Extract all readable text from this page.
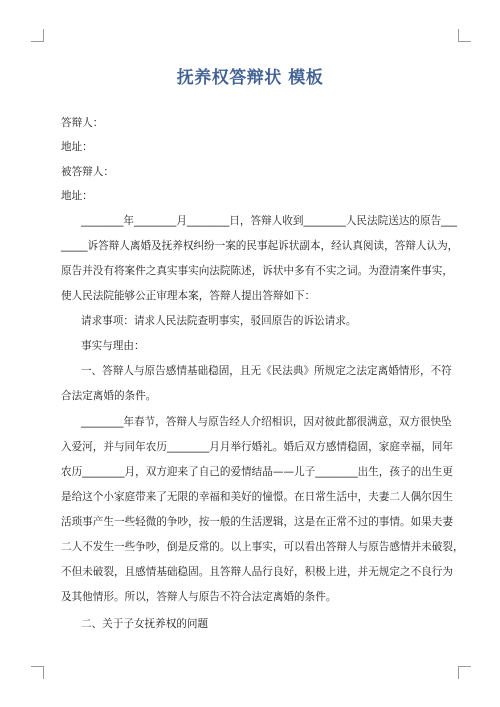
抚养权答辩状 模板
答辩人：
地址：
被答辩人：
地址：
________年________月________日，答辩人收到________人民法院送达的原告___
_____诉答辩人离婚及抚养权纠纷一案的民事起诉状副本，经认真阅读，答辩人认为，
原告并没有将案件之真实事实向法院陈述，诉状中多有不实之词。为澄清案件事实，
使人民法院能够公正审理本案，答辩人提出答辩如下：
请求事项：请求人民法院查明事实，驳回原告的诉讼请求。
事实与理由：
一、答辩人与原告感情基础稳固，且无《民法典》所规定之法定离婚情形，不符
合法定离婚的条件。
________年春节，答辩人与原告经人介绍相识，因对彼此都很满意，双方很快坠
入爱河，并与同年农历________月月举行婚礼。婚后双方感情稳固，家庭幸福，同年
农历________月，双方迎来了自己的爱情结晶——儿子________出生，孩子的出生更
是给这个小家庭带来了无限的幸福和美好的憧憬。在日常生活中，夫妻二人偶尔因生
活琐事产生一些轻微的争吵，按一般的生活逻辑，这是在正常不过的事情。如果夫妻
二人不发生一些争吵，倒是反常的。以上事实，可以看出答辩人与原告感情并未破裂，
不但未破裂，且感情基础稳固。且答辩人品行良好，积极上进，并无规定之不良行为
及其他情形。所以，答辩人与原告不符合法定离婚的条件。
二、关于子女抚养权的问题
